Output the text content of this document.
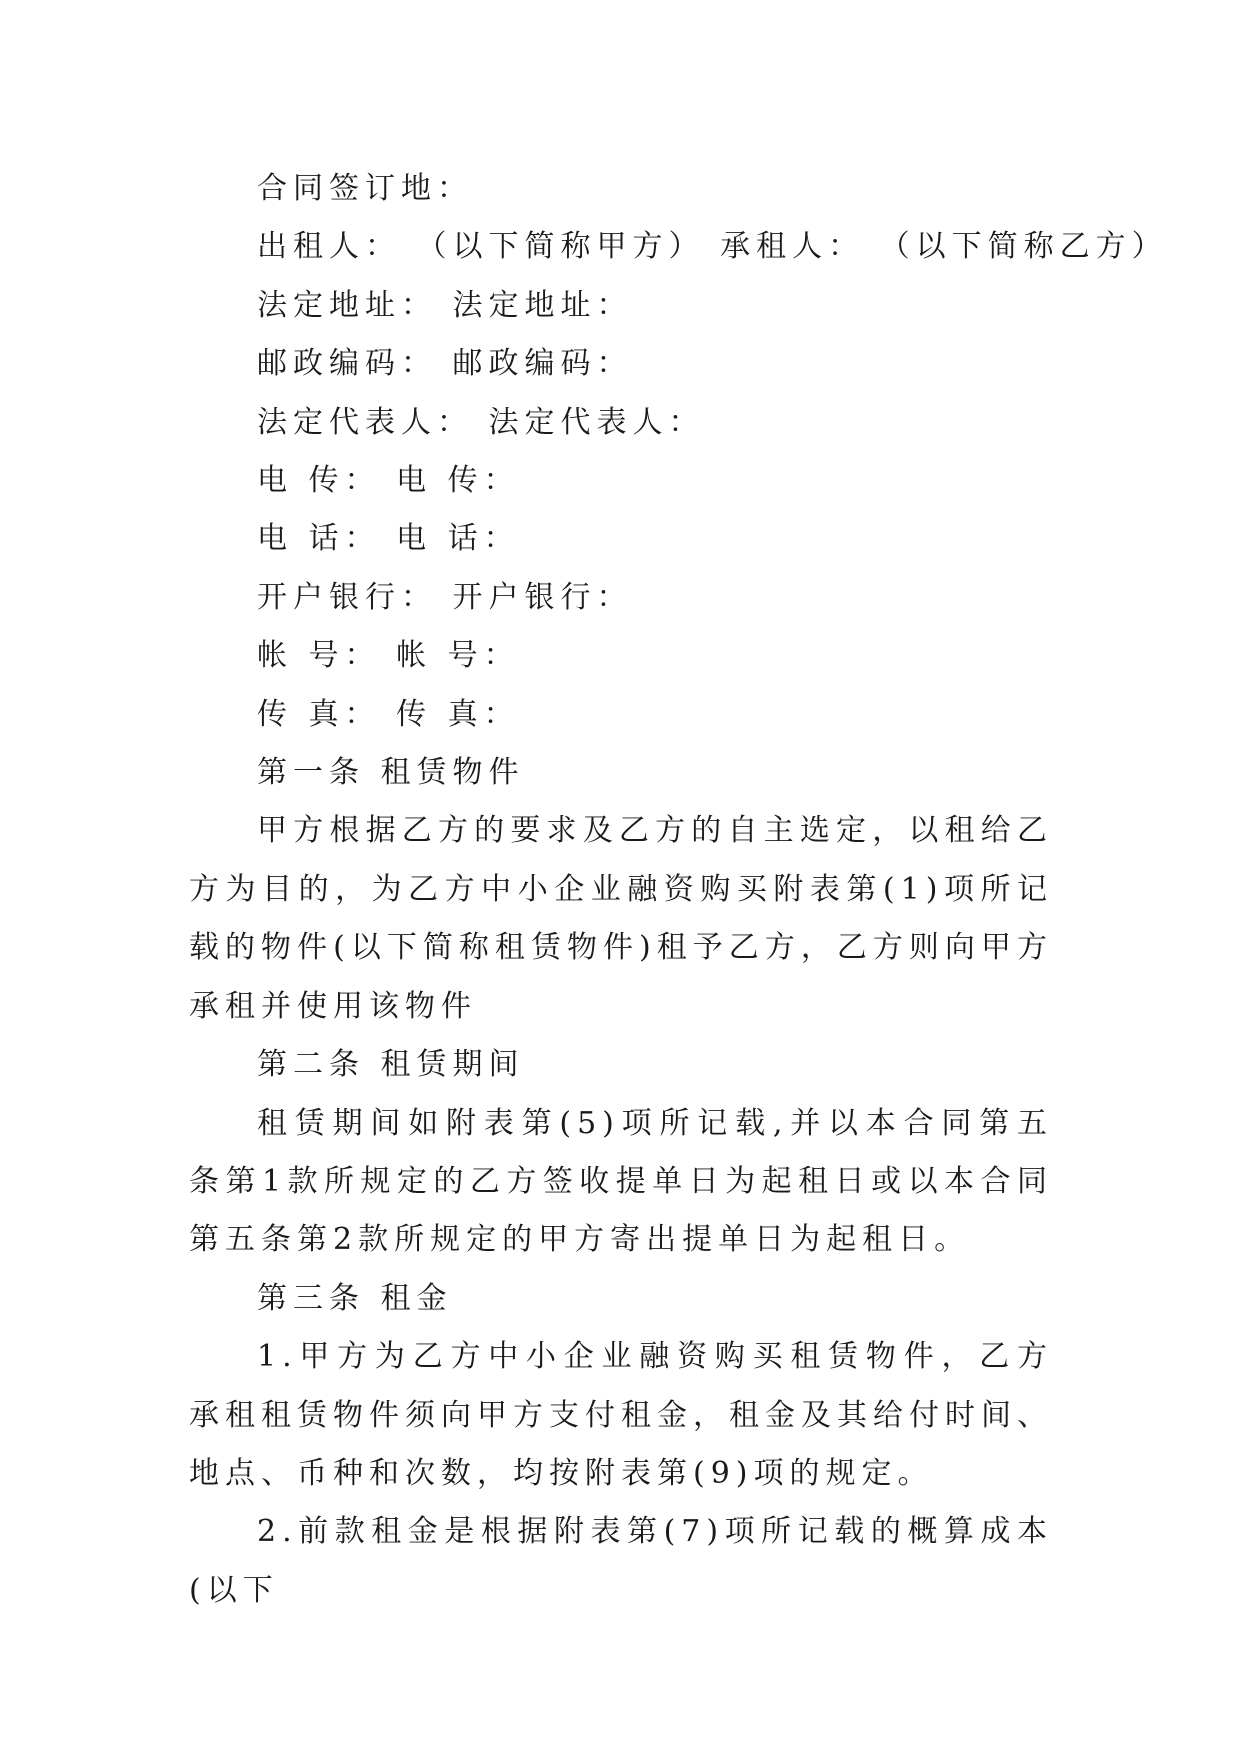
合同签订地：

出租人： （以下简称甲方） 承租人： （以下简称乙方）

法定地址： 法定地址：

邮政编码： 邮政编码：

法定代表人： 法定代表人：

电 传： 电 传：

电 话： 电 话：

开户银行： 开户银行：

帐 号： 帐 号：

传 真： 传 真：

第一条 租赁物件

甲方根据乙方的要求及乙方的自主选定，以租给乙方为目的，为乙方中小企业融资购买附表第(1)项所记载的物件(以下简称租赁物件)租予乙方，乙方则向甲方承租并使用该物件

第二条 租赁期间

租赁期间如附表第(5)项所记载,并以本合同第五条第1款所规定的乙方签收提单日为起租日或以本合同第五条第2款所规定的甲方寄出提单日为起租日。

第三条 租金

1.甲方为乙方中小企业融资购买租赁物件，乙方承租租赁物件须向甲方支付租金，租金及其给付时间、地点、币种和次数，均按附表第(9)项的规定。

2.前款租金是根据附表第(7)项所记载的概算成本(以下
